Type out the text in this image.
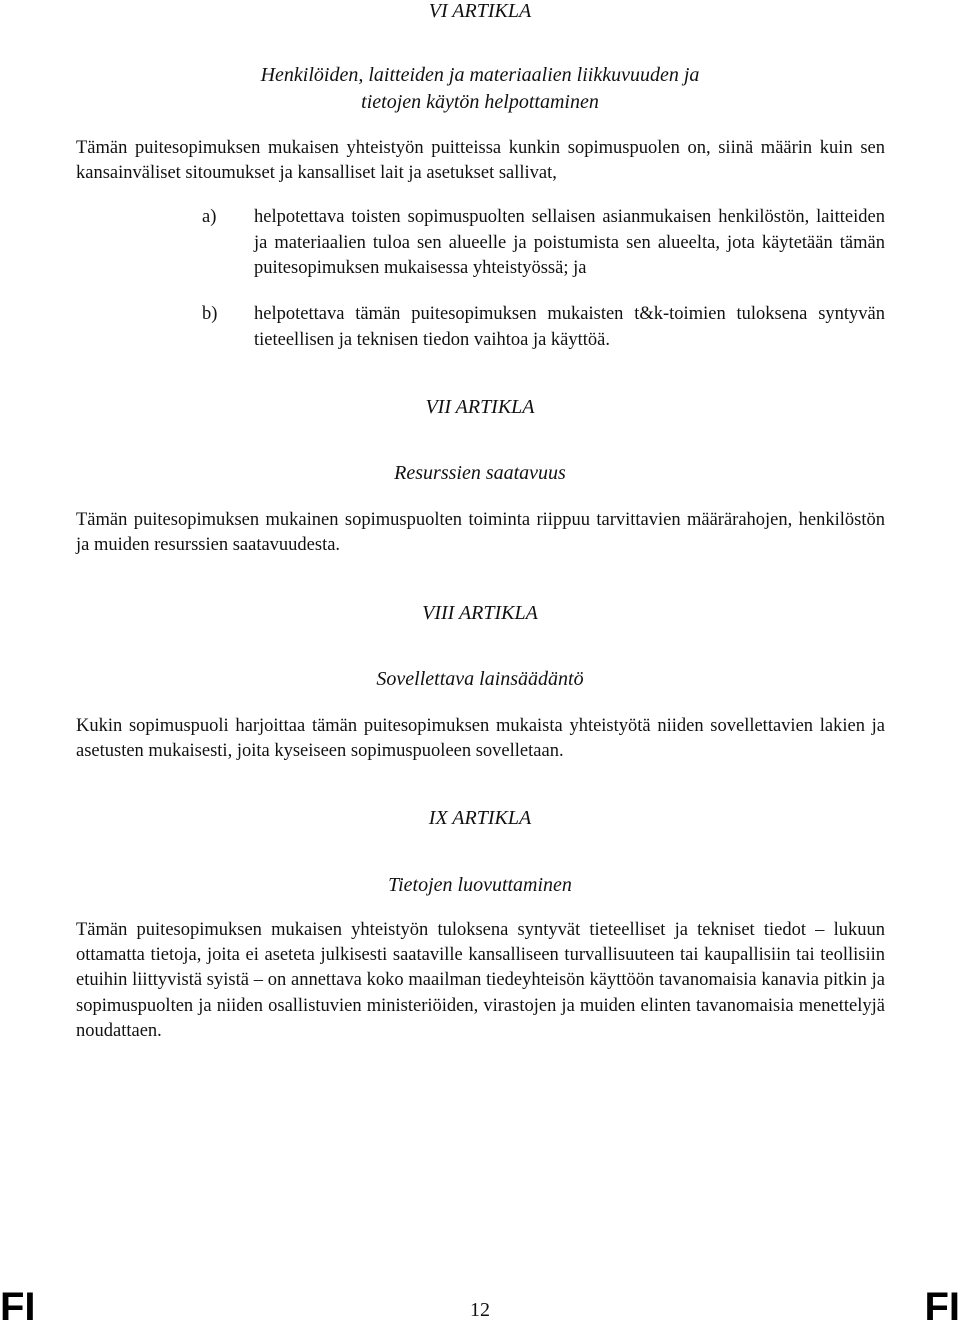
VI ARTIKLA
Henkilöiden, laitteiden ja materiaalien liikkuvuuden ja
tietojen käytön helpottaminen

Tämän puitesopimuksen mukaisen yhteistyön puitteissa kunkin sopimuspuolen on, siinä määrin kuin sen kansainväliset sitoumukset ja kansalliset lait ja asetukset sallivat,

a) helpotettava toisten sopimuspuolten sellaisen asianmukaisen henkilöstön, laitteiden ja materiaalien tuloa sen alueelle ja poistumista sen alueelta, jota käytetään tämän puitesopimuksen mukaisessa yhteistyössä; ja
b) helpotettava tämän puitesopimuksen mukaisten t&k-toimien tuloksena syntyvän tieteellisen ja teknisen tiedon vaihtoa ja käyttöä.
VII ARTIKLA
Resurssien saatavuus

Tämän puitesopimuksen mukainen sopimuspuolten toiminta riippuu tarvittavien määrärahojen, henkilöstön ja muiden resurssien saatavuudesta.

VIII ARTIKLA
Sovellettava lainsäädäntö

Kukin sopimuspuoli harjoittaa tämän puitesopimuksen mukaista yhteistyötä niiden sovellettavien lakien ja asetusten mukaisesti, joita kyseiseen sopimuspuoleen sovelletaan.

IX ARTIKLA
Tietojen luovuttaminen

Tämän puitesopimuksen mukaisen yhteistyön tuloksena syntyvät tieteelliset ja tekniset tiedot – lukuun ottamatta tietoja, joita ei aseteta julkisesti saataville kansalliseen turvallisuuteen tai kaupallisiin tai teollisiin etuihin liittyvistä syistä – on annettava koko maailman tiedeyhteisön käyttöön tavanomaisia kanavia pitkin ja sopimuspuolten ja niiden osallistuvien ministeriöiden, virastojen ja muiden elinten tavanomaisia menettelyjä noudattaen.

FI	12	FI
